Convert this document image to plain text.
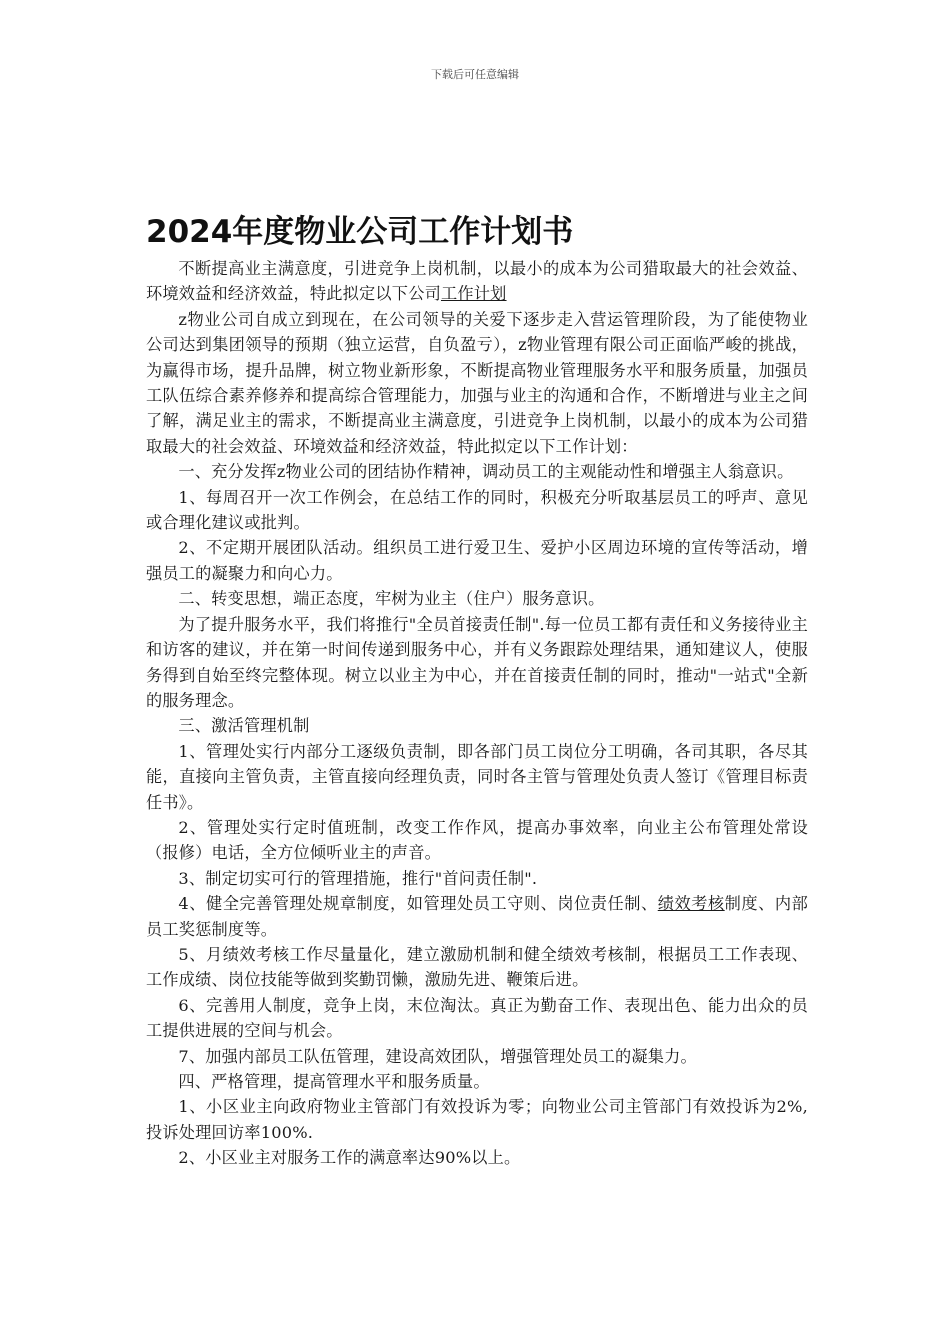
下载后可任意编辑
2024年度物业公司工作计划书

不断提高业主满意度，引进竞争上岗机制，以最小的成本为公司猎取最大的社会效益、环境效益和经济效益，特此拟定以下公司工作计划

z物业公司自成立到现在，在公司领导的关爱下逐步走入营运管理阶段，为了能使物业公司达到集团领导的预期（独立运营，自负盈亏），z物业管理有限公司正面临严峻的挑战，为赢得市场，提升品牌，树立物业新形象，不断提高物业管理服务水平和服务质量，加强员工队伍综合素养修养和提高综合管理能力，加强与业主的沟通和合作，不断增进与业主之间了解，满足业主的需求，不断提高业主满意度，引进竞争上岗机制，以最小的成本为公司猎取最大的社会效益、环境效益和经济效益，特此拟定以下工作计划：

一、充分发挥z物业公司的团结协作精神，调动员工的主观能动性和增强主人翁意识。

1、每周召开一次工作例会，在总结工作的同时，积极充分听取基层员工的呼声、意见或合理化建议或批判。

2、不定期开展团队活动。组织员工进行爱卫生、爱护小区周边环境的宣传等活动，增强员工的凝聚力和向心力。

二、转变思想，端正态度，牢树为业主（住户）服务意识。

为了提升服务水平，我们将推行"全员首接责任制".每一位员工都有责任和义务接待业主和访客的建议，并在第一时间传递到服务中心，并有义务跟踪处理结果，通知建议人，使服务得到自始至终完整体现。树立以业主为中心，并在首接责任制的同时，推动"一站式"全新的服务理念。

三、激活管理机制

1、管理处实行内部分工逐级负责制，即各部门员工岗位分工明确，各司其职，各尽其能，直接向主管负责，主管直接向经理负责，同时各主管与管理处负责人签订《管理目标责任书》。

2、管理处实行定时值班制，改变工作作风，提高办事效率，向业主公布管理处常设（报修）电话，全方位倾听业主的声音。

3、制定切实可行的管理措施，推行"首问责任制".

4、健全完善管理处规章制度，如管理处员工守则、岗位责任制、绩效考核制度、内部员工奖惩制度等。

5、月绩效考核工作尽量量化，建立激励机制和健全绩效考核制，根据员工工作表现、工作成绩、岗位技能等做到奖勤罚懒，激励先进、鞭策后进。

6、完善用人制度，竞争上岗，末位淘汰。真正为勤奋工作、表现出色、能力出众的员工提供进展的空间与机会。

7、加强内部员工队伍管理，建设高效团队，增强管理处员工的凝集力。

四、严格管理，提高管理水平和服务质量。

1、小区业主向政府物业主管部门有效投诉为零；向物业公司主管部门有效投诉为2%,投诉处理回访率100%.

2、小区业主对服务工作的满意率达90%以上。
